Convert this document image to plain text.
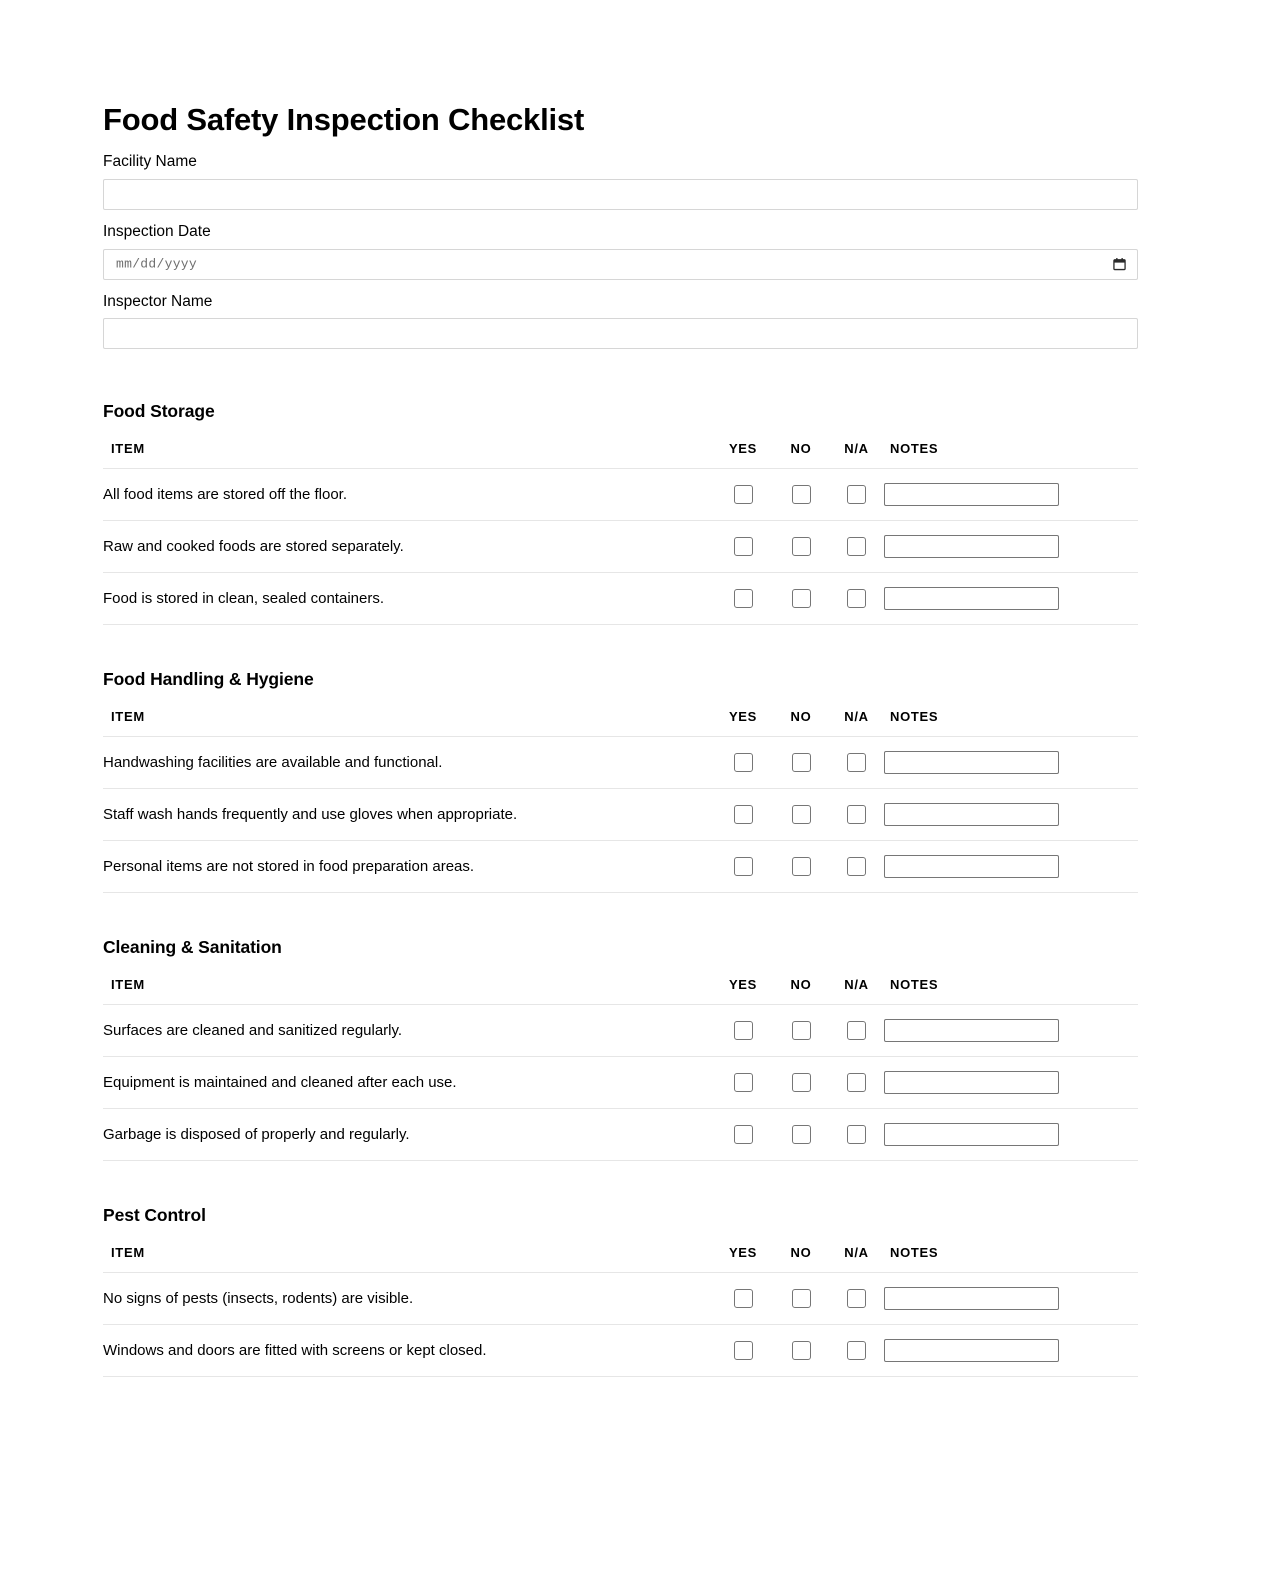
Food Safety Inspection Checklist
Facility Name
Inspection Date
mm/dd/yyyy
Inspector Name
Food Storage
ITEM	YES	NO	N/A	NOTES
All food items are stored off the floor.				

Raw and cooked foods are stored separately.				

Food is stored in clean, sealed containers.				
Food Handling & Hygiene
ITEM	YES	NO	N/A	NOTES
Handwashing facilities are available and functional.				

Staff wash hands frequently and use gloves when appropriate.				

Personal items are not stored in food preparation areas.				
Cleaning & Sanitation
ITEM	YES	NO	N/A	NOTES
Surfaces are cleaned and sanitized regularly.				

Equipment is maintained and cleaned after each use.				

Garbage is disposed of properly and regularly.				
Pest Control
ITEM	YES	NO	N/A	NOTES
No signs of pests (insects, rodents) are visible.				

Windows and doors are fitted with screens or kept closed.				
